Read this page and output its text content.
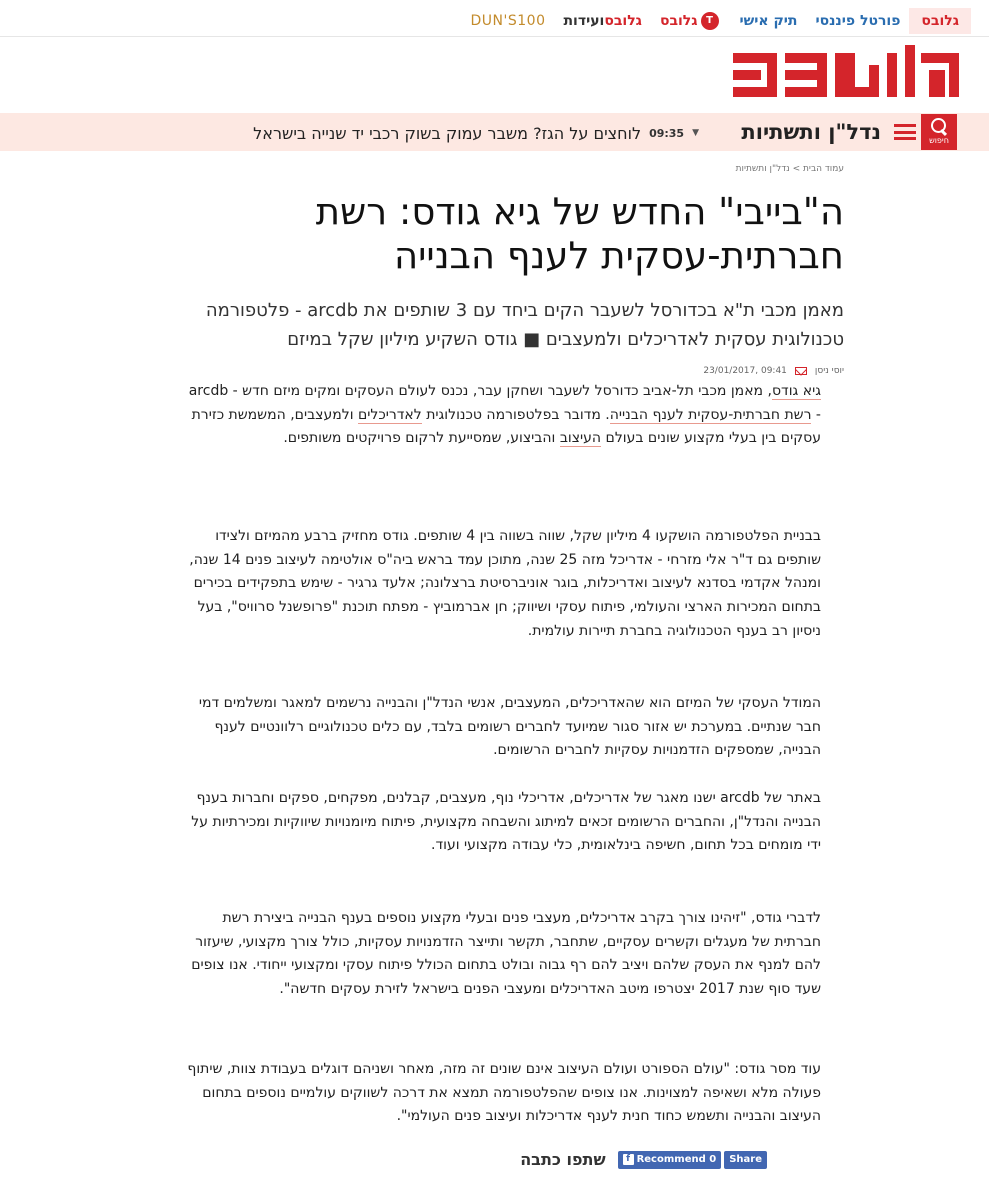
גלובס
פורטל פיננסי
תיק אישי
גלובס T
גלובסועידות
DUN'S100
חיפוש
נדל"ן ותשתיות
▼
09:35
לוחצים על הגז? משבר עמוק בשוק רכבי יד שנייה בישראל
עמוד הבית > נדל"ן ותשתיות
ה"בייבי" החדש של גיא גודס: רשת חברתית-עסקית לענף הבנייה
מאמן מכבי ת"א בכדורסל לשעבר הקים ביחד עם 3 שותפים את arcdb - פלטפורמה טכנולוגית עסקית לאדריכלים ולמעצבים ■ גודס השקיע מיליון שקל במיזם
יוסי ניסן
09:41 ,23/01/2017

גיא גודס, מאמן מכבי תל-אביב כדורסל לשעבר ושחקן עבר, נכנס לעולם העסקים ומקים מיזם חדש - arcdb - רשת חברתית-עסקית לענף הבנייה. מדובר בפלטפורמה טכנולוגית לאדריכלים ולמעצבים, המשמשת כזירת עסקים בין בעלי מקצוע שונים בעולם העיצוב והביצוע, שמסייעת לרקום פרויקטים משותפים.

בבניית הפלטפורמה הושקעו 4 מיליון שקל, שווה בשווה בין 4 שותפים. גודס מחזיק ברבע מהמיזם ולצידו שותפים גם ד"ר אלי מזרחי - אדריכל מזה 25 שנה, מתוכן עמד בראש ביה"ס אולטימה לעיצוב פנים 14 שנה, ומנהל אקדמי בסדנא לעיצוב ואדריכלות, בוגר אוניברסיטת ברצלונה; אלעד גרגיר - שימש בתפקידים בכירים בתחום המכירות הארצי והעולמי, פיתוח עסקי ושיווק; חן אברמוביץ - מפתח תוכנת "פרופשנל סרוויס", בעל ניסיון רב בענף הטכנולוגיה בחברת תיירות עולמית.

המודל העסקי של המיזם הוא שהאדריכלים, המעצבים, אנשי הנדל"ן והבנייה נרשמים למאגר ומשלמים דמי חבר שנתיים. במערכת יש אזור סגור שמיועד לחברים רשומים בלבד, עם כלים טכנולוגיים רלוונטיים לענף הבנייה, שמספקים הזדמנויות עסקיות לחברים הרשומים.

באתר של arcdb ישנו מאגר של אדריכלים, אדריכלי נוף, מעצבים, קבלנים, מפקחים, ספקים וחברות בענף הבנייה והנדל"ן, והחברים הרשומים זכאים למיתוג והשבחה מקצועית, פיתוח מיומנויות שיווקיות ומכירתיות על ידי מומחים בכל תחום, חשיפה בינלאומית, כלי עבודה מקצועי ועוד.

לדברי גודס, "זיהינו צורך בקרב אדריכלים, מעצבי פנים ובעלי מקצוע נוספים בענף הבנייה ביצירת רשת חברתית של מעגלים וקשרים עסקיים, שתחבר, תקשר ותייצר הזדמנויות עסקיות, כולל צורך מקצועי, שיעזור להם למנף את העסק שלהם ויציב להם רף גבוה ובולט בתחום הכולל פיתוח עסקי ומקצועי ייחודי. אנו צופים שעד סוף שנת 2017 יצטרפו מיטב האדריכלים ומעצבי הפנים בישראל לזירת עסקים חדשה".

עוד מסר גודס: "עולם הספורט ועולם העיצוב אינם שונים זה מזה, מאחר ושניהם דוגלים בעבודת צוות, שיתוף פעולה מלא ושאיפה למצוינות. אנו צופים שהפלטפורמה תמצא את דרכה לשווקים עולמיים נוספים בתחום העיצוב והבנייה ותשמש כחוד חנית לענף אדריכלות ועיצוב פנים העולמי".

שתפו כתבה	f Recommend 0	Share
